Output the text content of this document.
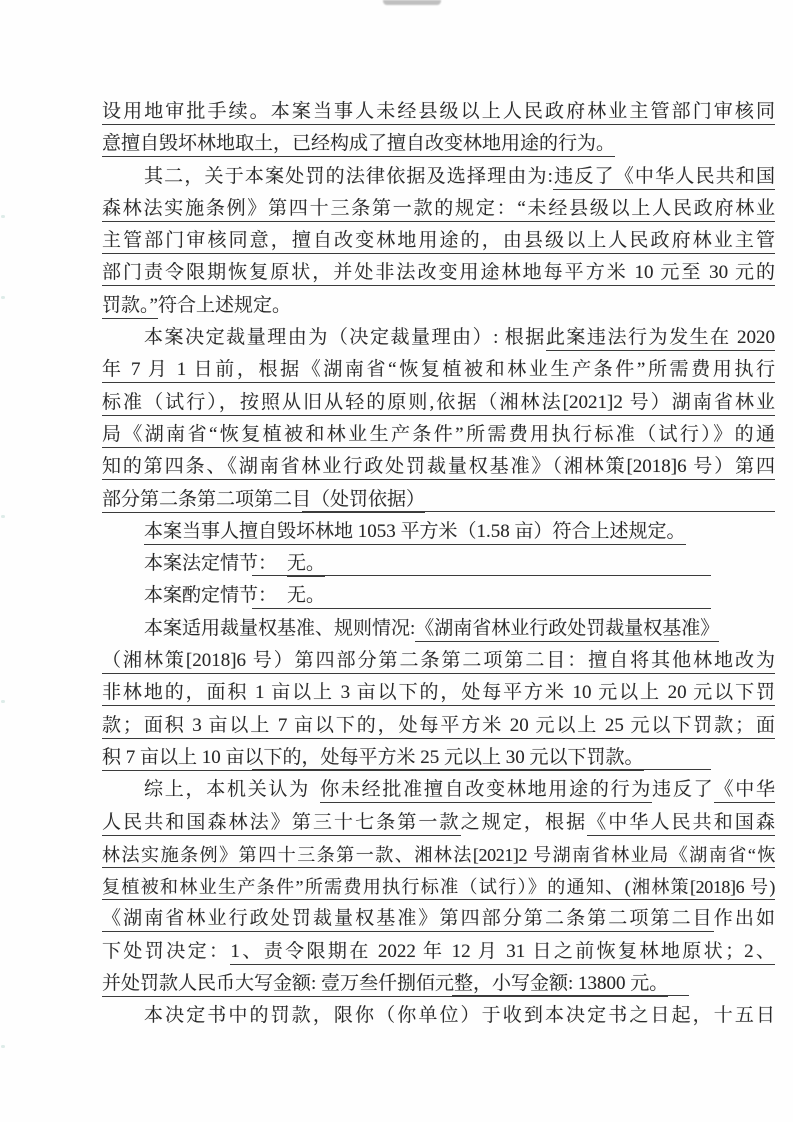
设用地审批手续。本案当事人未经县级以上人民政府林业主管部门审核同
意擅自毁坏林地取土，已经构成了擅自改变林地用途的行为。
其二，关于本案处罚的法律依据及选择理由为:违反了《中华人民共和国
森林法实施条例》第四十三条第一款的规定：“未经县级以上人民政府林业
主管部门审核同意，擅自改变林地用途的，由县级以上人民政府林业主管
部门责令限期恢复原状，并处非法改变用途林地每平方米 10 元至 30 元的
罚款。”符合上述规定。
本案决定裁量理由为（决定裁量理由）: 根据此案违法行为发生在 2020
年 7 月 1 日前，根据《湖南省“恢复植被和林业生产条件”所需费用执行
标准（试行），按照从旧从轻的原则,依据（湘林法[2021]2 号）湖南省林业
局《湖南省“恢复植被和林业生产条件”所需费用执行标准（试行）》的通
知的第四条、《湖南省林业行政处罚裁量权基准》（湘林策[2018]6 号）第四
部分第二条第二项第二目（处罚依据）
本案当事人擅自毁坏林地 1053 平方米（1.58 亩）符合上述规定。
本案法定情节： 无。
本案酌定情节： 无。
本案适用裁量权基准、规则情况:《湖南省林业行政处罚裁量权基准》
（湘林策[2018]6 号）第四部分第二条第二项第二目：擅自将其他林地改为
非林地的，面积 1 亩以上 3 亩以下的，处每平方米 10 元以上 20 元以下罚
款；面积 3 亩以上 7 亩以下的，处每平方米 20 元以上 25 元以下罚款；面
积 7 亩以上 10 亩以下的，处每平方米 25 元以上 30 元以下罚款。
综上，本机关认为 你未经批准擅自改变林地用途的行为违反了《中华
人民共和国森林法》第三十七条第一款之规定，根据《中华人民共和国森
林法实施条例》第四十三条第一款、湘林法[2021]2 号湖南省林业局《湖南省“恢
复植被和林业生产条件”所需费用执行标准（试行）》的通知、(湘林策[2018]6 号)
《湖南省林业行政处罚裁量权基准》第四部分第二条第二项第二目作出如
下处罚决定：1、责令限期在 2022 年 12 月 31 日之前恢复林地原状；2、
并处罚款人民币大写金额: 壹万叁仟捌佰元整，小写金额: 13800 元。
本决定书中的罚款，限你（你单位）于收到本决定书之日起，十五日
